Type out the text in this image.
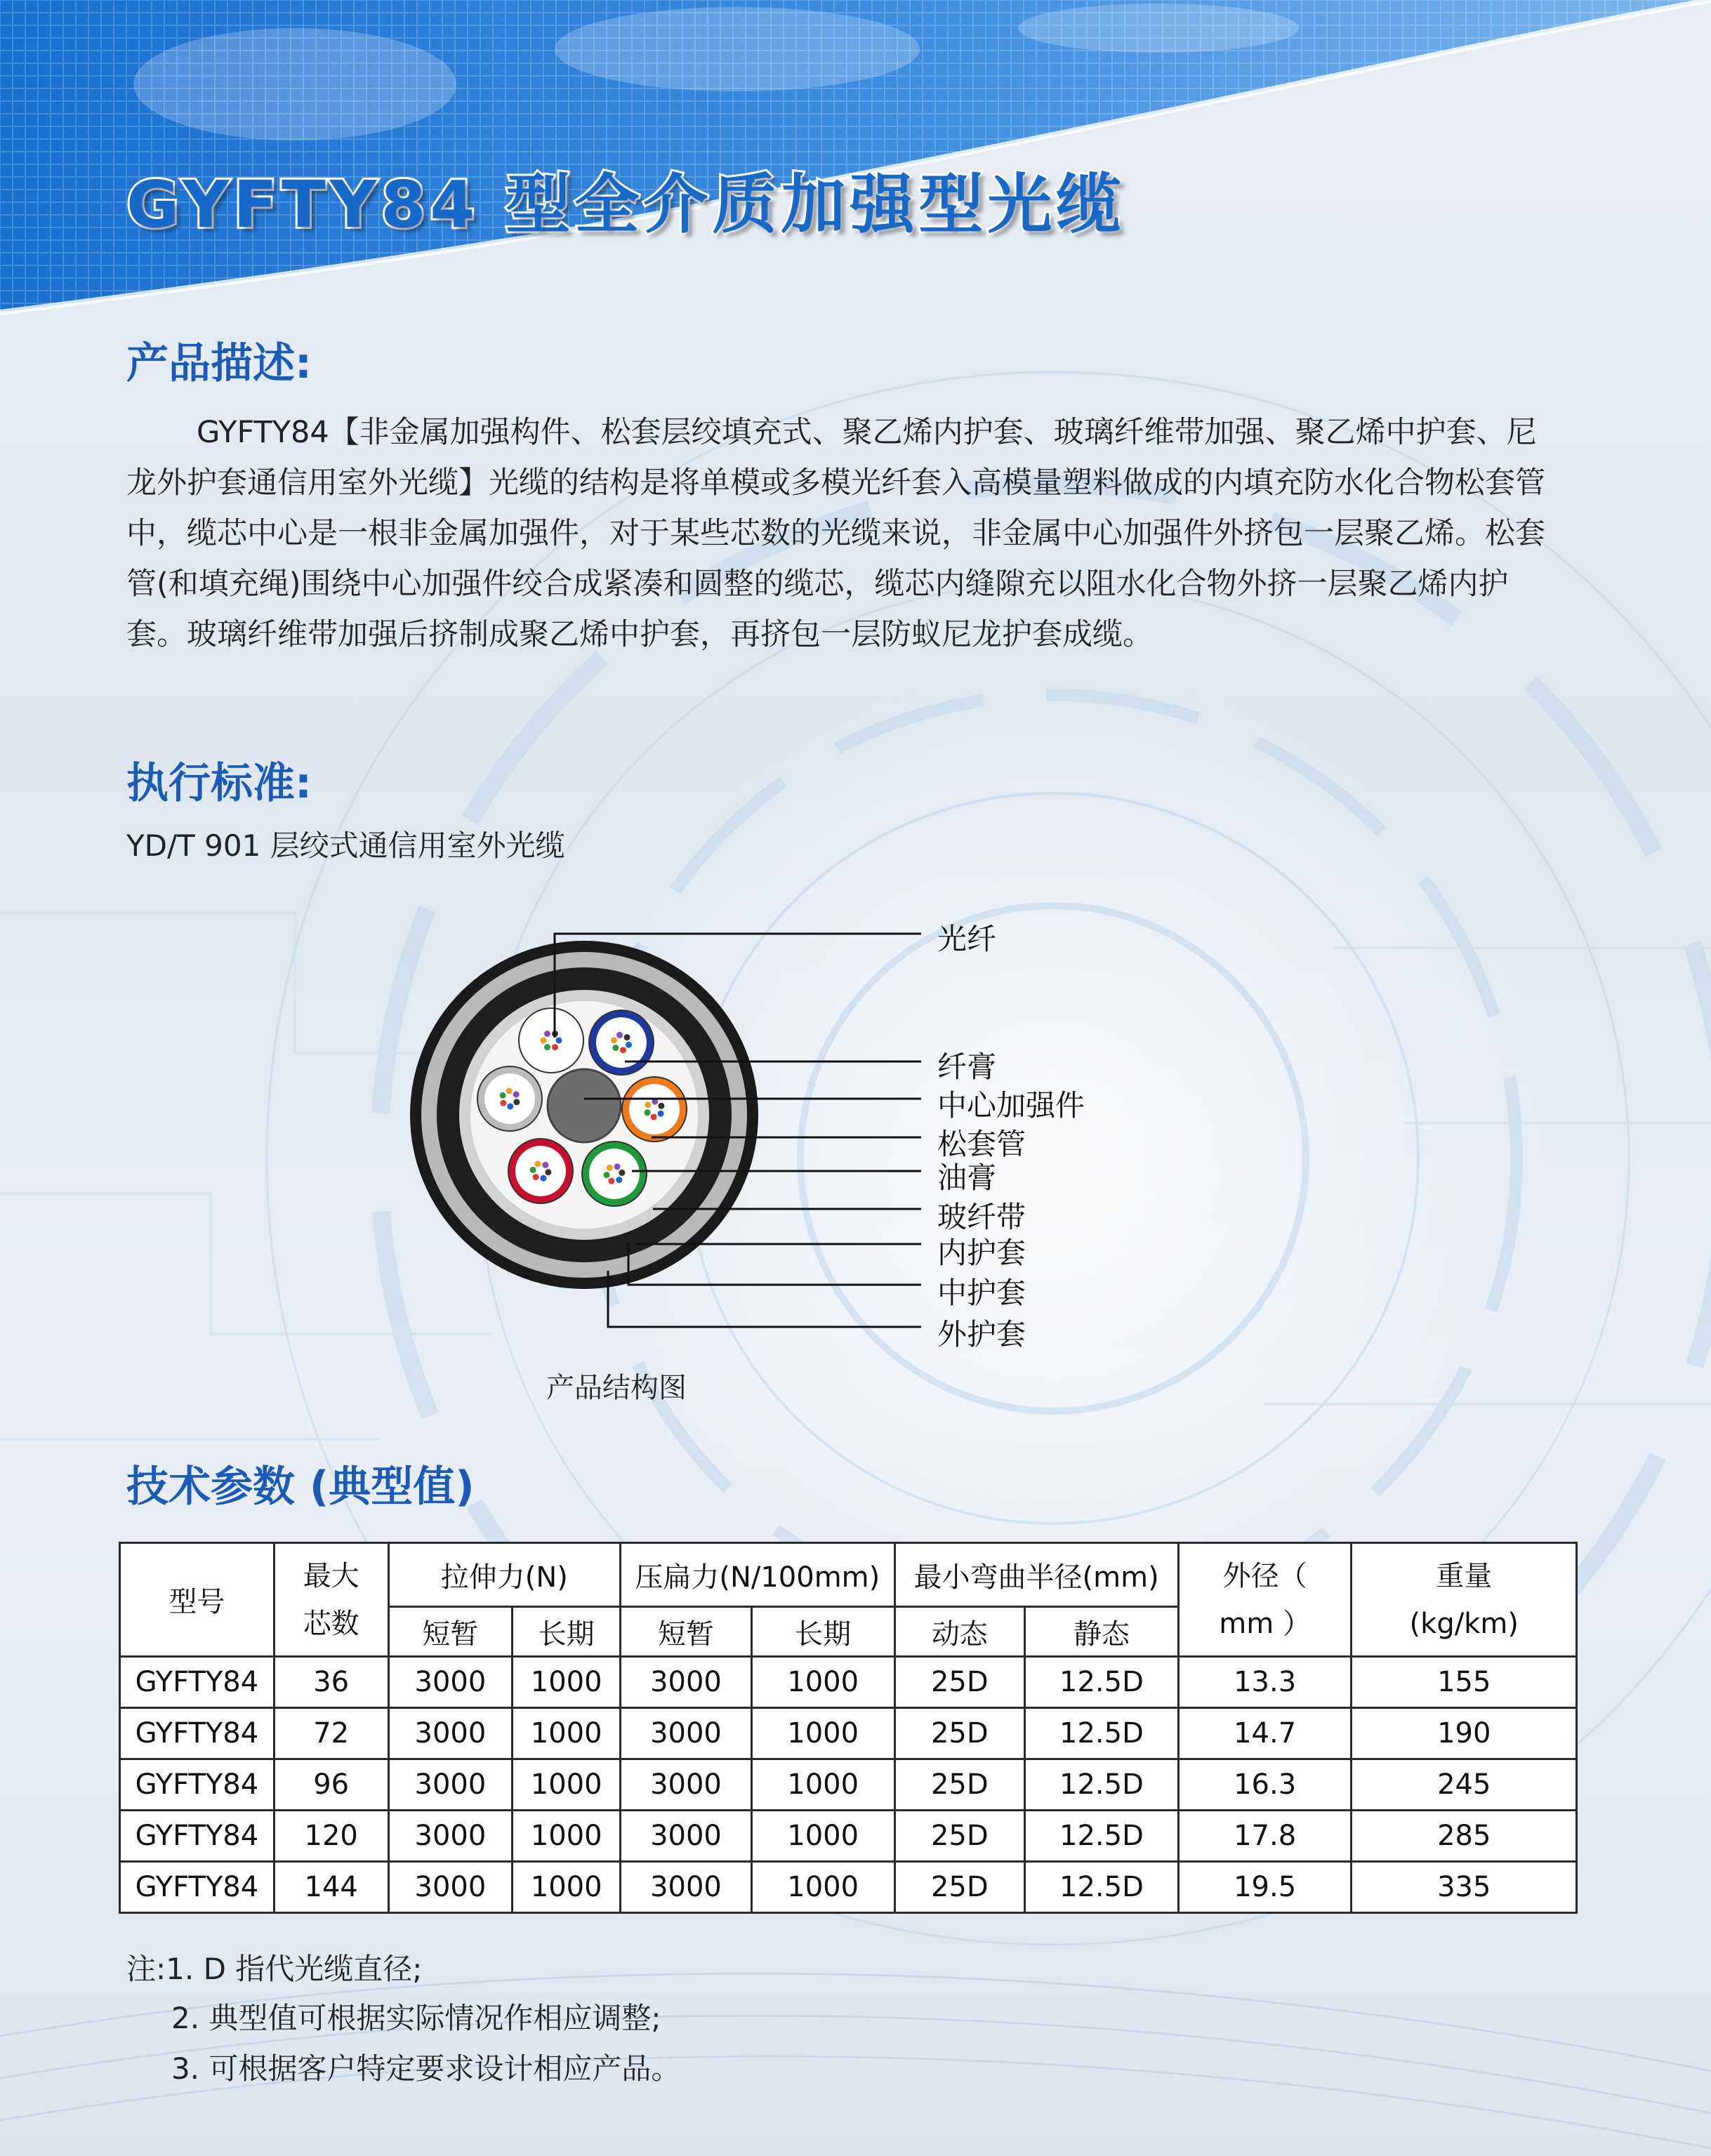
GYFTY84 型全介质加强型光缆
产品描述:
GYFTY84【非金属加强构件、松套层绞填充式、聚乙烯内护套、玻璃纤维带加强、聚乙烯中护套、尼龙外护套通信用室外光缆】光缆的结构是将单模或多模光纤套入高模量塑料做成的内填充防水化合物松套管中，缆芯中心是一根非金属加强件，对于某些芯数的光缆来说，非金属中心加强件外挤包一层聚乙烯。松套管(和填充绳)围绕中心加强件绞合成紧凑和圆整的缆芯，缆芯内缝隙充以阻水化合物外挤一层聚乙烯内护套。玻璃纤维带加强后挤制成聚乙烯中护套，再挤包一层防蚁尼龙护套成缆。
执行标准:
YD/T 901 层绞式通信用室外光缆
光纤
纤膏
中心加强件
松套管
油膏
玻纤带
内护套
中护套
外护套
产品结构图
技术参数 (典型值)
型号	最大芯数	拉伸力(N)		压扁力(N/100mm)		最小弯曲半径(mm)		外径（ mm ）	重量(kg/km)

		短暂	长期	短暂	长期	动态	静态		
GYFTY84	36	3000	1000	3000	1000	25D	12.5D	13.3	155
GYFTY84	72	3000	1000	3000	1000	25D	12.5D	14.7	190
GYFTY84	96	3000	1000	3000	1000	25D	12.5D	16.3	245
GYFTY84	120	3000	1000	3000	1000	25D	12.5D	17.8	285
GYFTY84	144	3000	1000	3000	1000	25D	12.5D	19.5	335
注:1. D 指代光缆直径;
2. 典型值可根据实际情况作相应调整;
3. 可根据客户特定要求设计相应产品。
